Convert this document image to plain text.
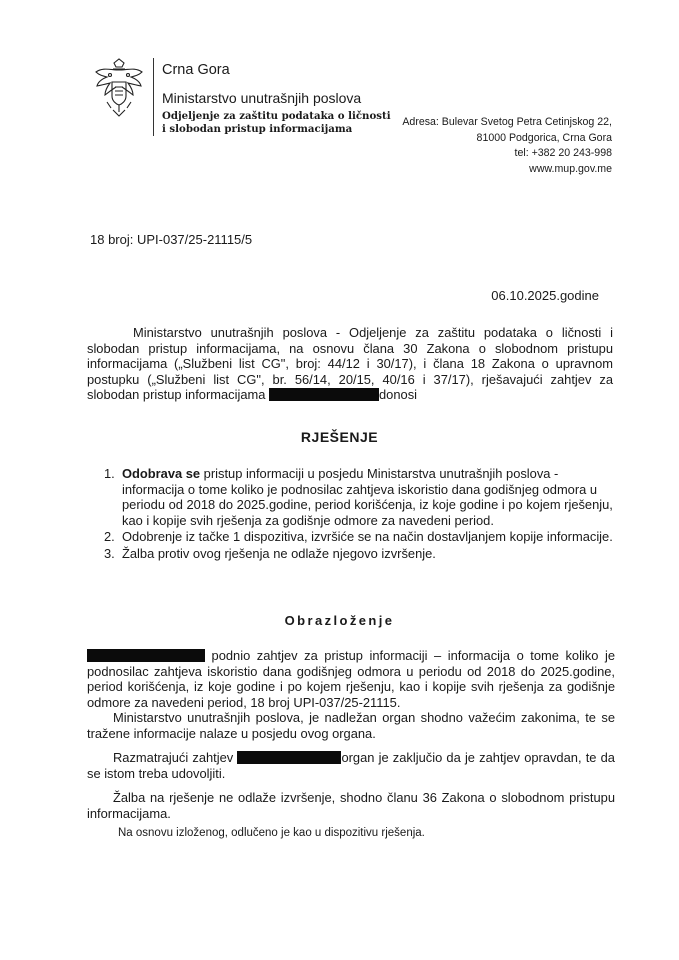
Crna Gora
Ministarstvo unutrašnjih poslova
Odjeljenje za zaštitu podataka o ličnosti
i slobodan pristup informacijama
Adresa: Bulevar Svetog Petra Cetinjskog 22,
81000 Podgorica, Crna Gora
tel: +382 20 243-998
www.mup.gov.me
18 broj: UPI-037/25-21115/5
06.10.2025.godine
Ministarstvo unutrašnjih poslova - Odjeljenje za zaštitu podataka o ličnosti i slobodan pristup informacijama, na osnovu člana 30 Zakona o slobodnom pristupu informacijama („Službeni list CG", broj: 44/12 i 30/17), i člana 18 Zakona o upravnom postupku („Službeni list CG", br. 56/14, 20/15, 40/16 i 37/17), rješavajući zahtjev za slobodan pristup informacijama	donosi
RJEŠENJE
1. Odobrava se pristup informaciji u posjedu Ministarstva unutrašnjih poslova - informacija o tome koliko je podnosilac zahtjeva iskoristio dana godišnjeg odmora u periodu od 2018 do 2025.godine, period korišćenja, iz koje godine i po kojem rješenju, kao i kopije svih rješenja za godišnje odmore za navedeni period.
2. Odobrenje iz tačke 1 dispozitiva, izvršiće se na način dostavljanjem kopije informacije.
3. Žalba protiv ovog rješenja ne odlaže njegovo izvršenje.
Obrazloženje

podnio zahtjev za pristup informaciji – informacija o tome koliko je podnosilac zahtjeva iskoristio dana godišnjeg odmora u periodu od 2018 do 2025.godine, period korišćenja, iz koje godine i po kojem rješenju, kao i kopije svih rješenja za godišnje odmore za navedeni period, 18 broj UPI-037/25-21115.

Ministarstvo unutrašnjih poslova, je nadležan organ shodno važećim zakonima, te se tražene informacije nalaze u posjedu ovog organa.

Razmatrajući zahtjev	organ je zaključio da je zahtjev opravdan, te da se istom treba udovoljiti.

Žalba na rješenje ne odlaže izvršenje, shodno članu 36 Zakona o slobodnom pristupu informacijama.

Na osnovu izloženog, odlučeno je kao u dispozitivu rješenja.
